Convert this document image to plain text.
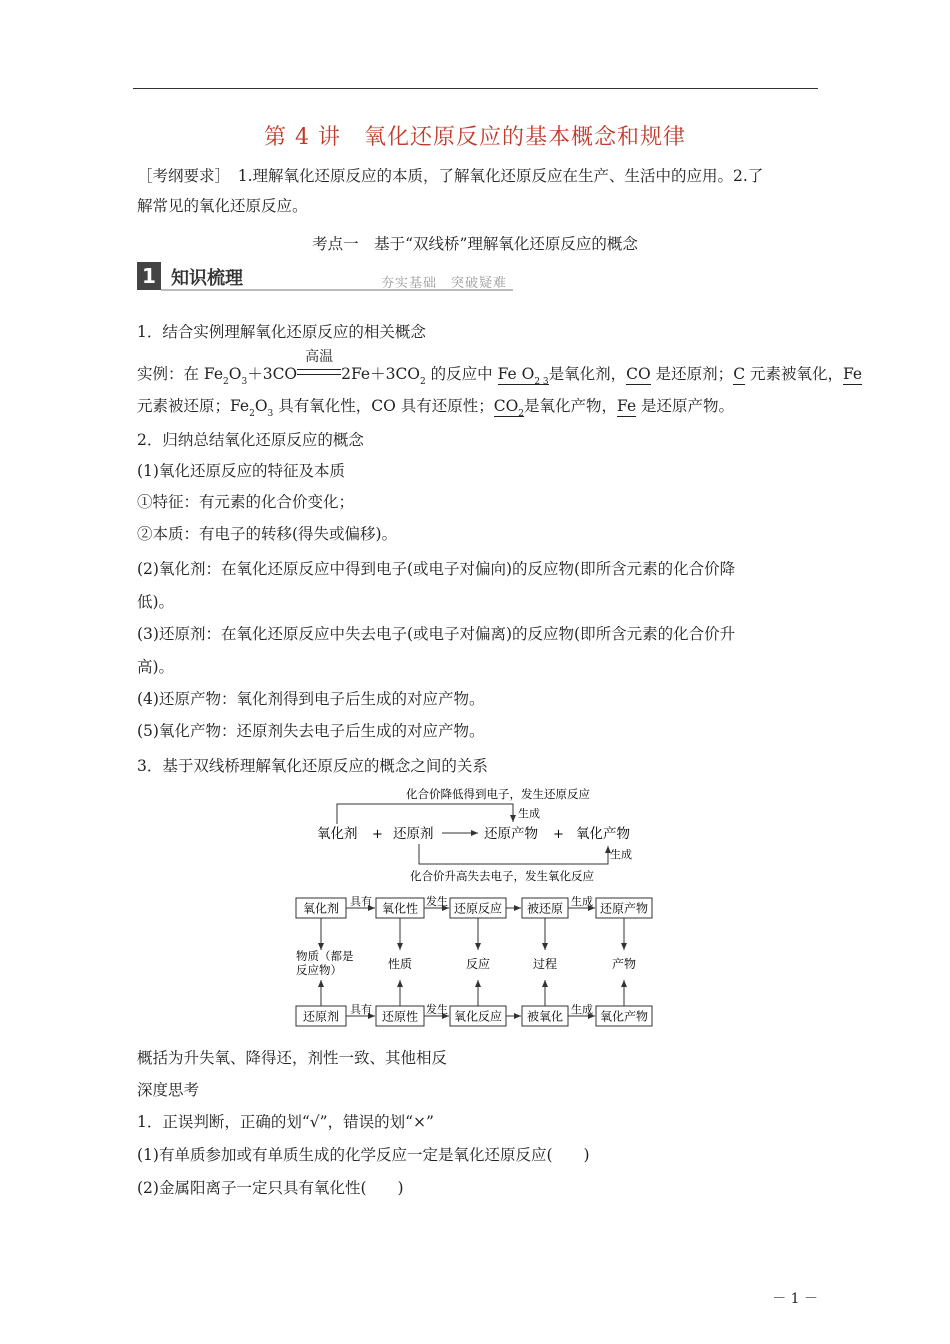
第 4 讲　氧化还原反应的基本概念和规律
［考纲要求］　1.理解氧化还原反应的本质，了解氧化还原反应在生产、生活中的应用。2.了
解常见的氧化还原反应。
考点一　基于“双线桥”理解氧化还原反应的概念
1 知识梳理	夯实基础　突破疑难
1．结合实例理解氧化还原反应的相关概念
实例：在 $Fe_2O_3+3CO$
高温
$2Fe+3CO_2$ 的反应中 Fe $O_{2 3}$是氧化剂，CO 是还原剂；C 元素被氧化，Fe
元素被还原；$Fe_2O_3$ 具有氧化性，CO 具有还原性；$CO_2$是氧化产物，Fe 是还原产物。
2．归纳总结氧化还原反应的概念
(1)氧化还原反应的特征及本质
①特征：有元素的化合价变化；
②本质：有电子的转移(得失或偏移)。
(2)氧化剂：在氧化还原反应中得到电子(或电子对偏向)的反应物(即所含元素的化合价降
低)。
(3)还原剂：在氧化还原反应中失去电子(或电子对偏离)的反应物(即所含元素的化合价升
高)。
(4)还原产物：氧化剂得到电子后生成的对应产物。
(5)氧化产物：还原剂失去电子后生成的对应产物。
3．基于双线桥理解氧化还原反应的概念之间的关系
化合价降低得到电子，发生还原反应
生成
氧化剂 + 还原剂	还原产物 + 氧化产物
生成
化合价升高失去电子，发生氧化反应
氧化剂 具有 氧化性 发生 还原反应 被还原 生成 还原产物
还原剂 具有 还原性 发生 氧化反应 被氧化 生成 氧化产物
物质（都是
反应物）	性质	反应	过程	产物
概括为升失氧、降得还，剂性一致、其他相反
深度思考
1．正误判断，正确的划“√”，错误的划“×”
(1)有单质参加或有单质生成的化学反应一定是氧化还原反应(　　)
(2)金属阳离子一定只具有氧化性(　　)
－ 1 －
